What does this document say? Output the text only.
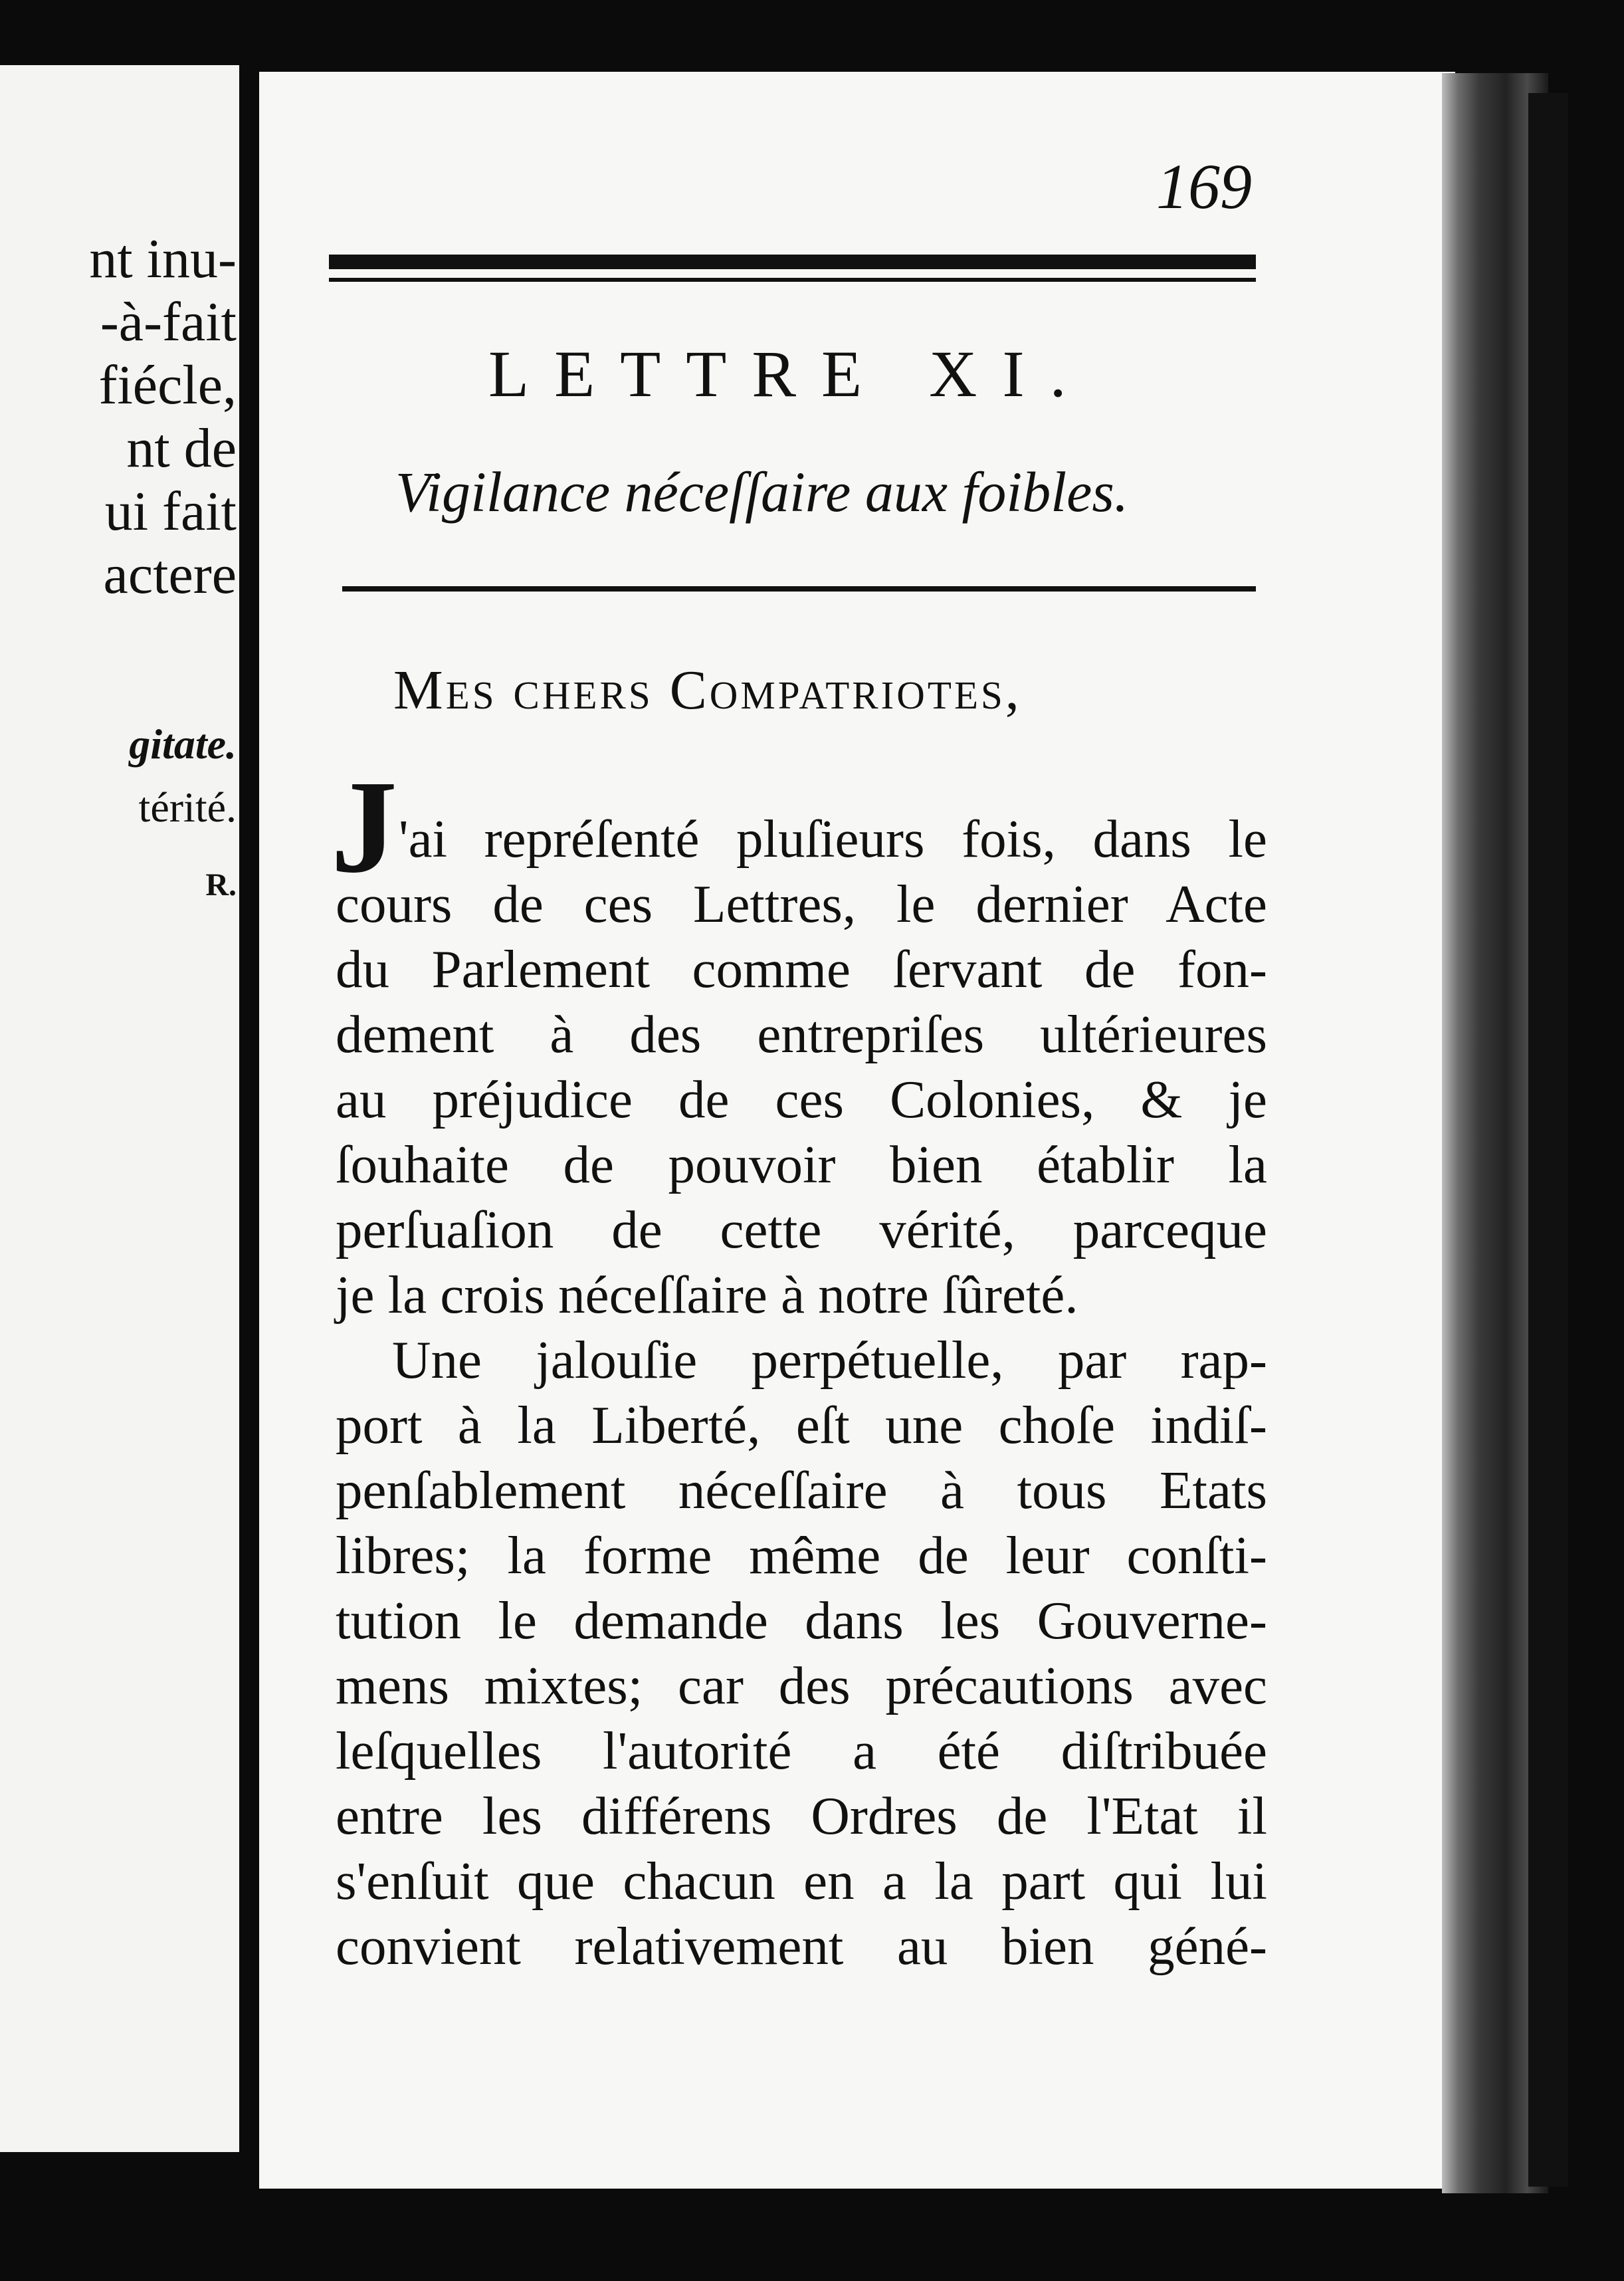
nt inu-
-à-fait
fiécle,
nt de
ui fait
actere
gitate.
térité.
R.
169
LETTRE XI.
Vigilance néceſſaire aux foibles.
Mes chers Compatriotes,
J 'ai repréſenté pluſieurs fois, dans le
cours de ces Lettres, le dernier Acte
du Parlement comme ſervant de fon-
dement à des entrepriſes ultérieures
au préjudice de ces Colonies, & je
ſouhaite de pouvoir bien établir la
perſuaſion de cette vérité, parceque
je la crois néceſſaire à notre ſûreté.
Une jalouſie perpétuelle, par rap-
port à la Liberté, eſt une choſe indiſ-
penſablement néceſſaire à tous Etats
libres; la forme même de leur conſti-
tution le demande dans les Gouverne-
mens mixtes; car des précautions avec
leſquelles l'autorité a été diſtribuée
entre les différens Ordres de l'Etat il
s'enſuit que chacun en a la part qui lui
convient relativement au bien géné-
